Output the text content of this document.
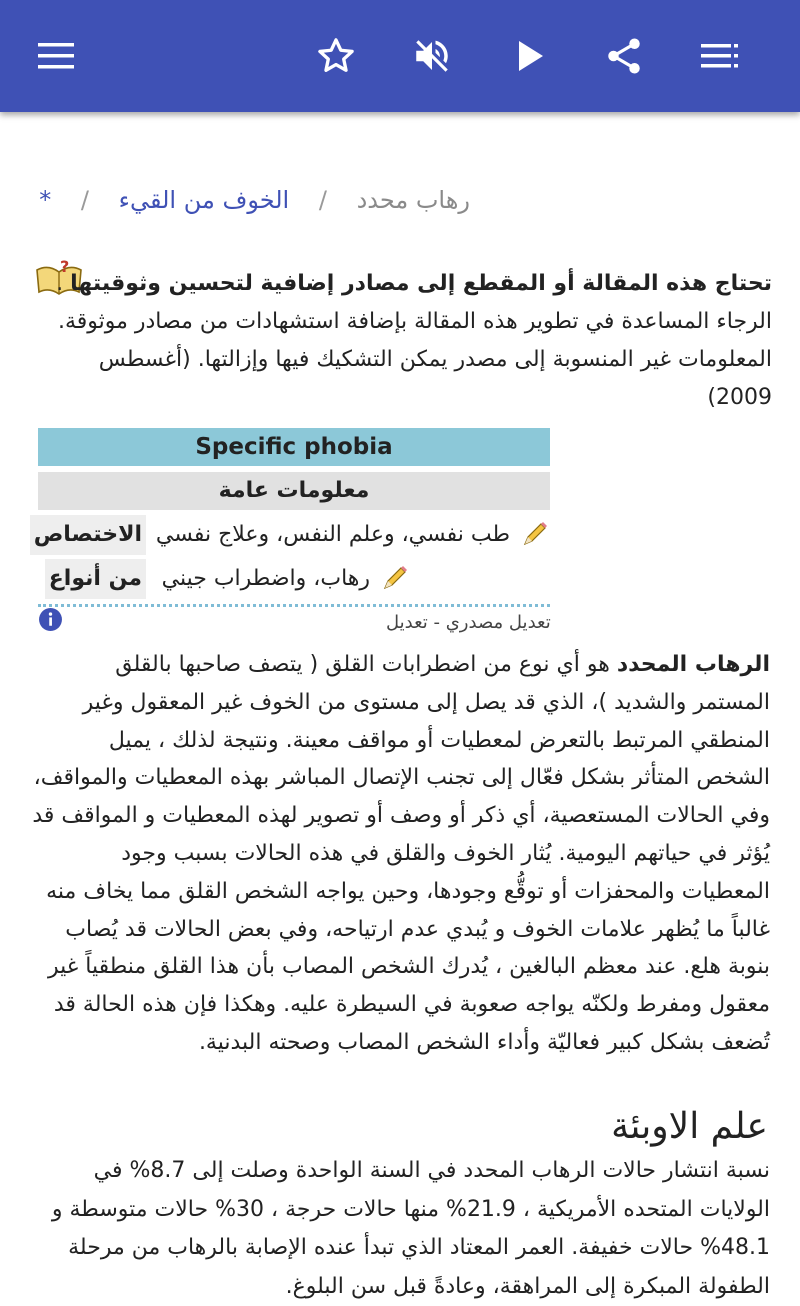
رهاب محدد / الخوف من القيء / *
?
تحتاج هذه المقالة أو المقطع إلى مصادر إضافية لتحسين وثوقيتها .
الرجاء المساعدة في تطوير هذه المقالة بإضافة استشهادات من مصادر موثوقة. المعلومات غير المنسوبة إلى مصدر يمكن التشكيك فيها وإزالتها. (أغسطس 2009)
Specific phobia
معلومات عامة
الاختصاص طب نفسي، وعلم النفس، وعلاج نفسي
من أنواع رهاب، واضطراب جيني
تعديل مصدري - تعديل
الرهاب المحدد هو أي نوع من اضطرابات القلق ( يتصف صاحبها بالقلق المستمر والشديد )، الذي قد يصل إلى مستوى من الخوف غير المعقول وغير المنطقي المرتبط بالتعرض لمعطيات أو مواقف معينة. ونتيجة لذلك ، يميل الشخص المتأثر بشكل فعّال إلى تجنب الإتصال المباشر بهذه المعطيات والمواقف، وفي الحالات المستعصية، أي ذكر أو وصف أو تصوير لهذه المعطيات و المواقف قد يُؤثر في حياتهم اليومية. يُثار الخوف والقلق في هذه الحالات بسبب وجود المعطيات والمحفزات أو توقُّع وجودها، وحين يواجه الشخص القلق مما يخاف منه غالباً ما يُظهر علامات الخوف و يُبدي عدم ارتياحه، وفي بعض الحالات قد يُصاب بنوبة هلع. عند معظم البالغين ، يُدرك الشخص المصاب بأن هذا القلق منطقياً غير معقول ومفرط ولكنّه يواجه صعوبة في السيطرة عليه. وهكذا فإن هذه الحالة قد تُضعف بشكل كبير فعاليّة وأداء الشخص المصاب وصحته البدنية.
علم الاوبئة
نسبة انتشار حالات الرهاب المحدد في السنة الواحدة وصلت إلى 8.7% في الولايات المتحده الأمريكية ، 21.9% منها حالات حرجة ، 30% حالات متوسطة و 48.1% حالات خفيفة. العمر المعتاد الذي تبدأ عنده الإصابة بالرهاب من مرحلة الطفولة المبكرة إلى المراهقة، وعادةً قبل سن البلوغ.
